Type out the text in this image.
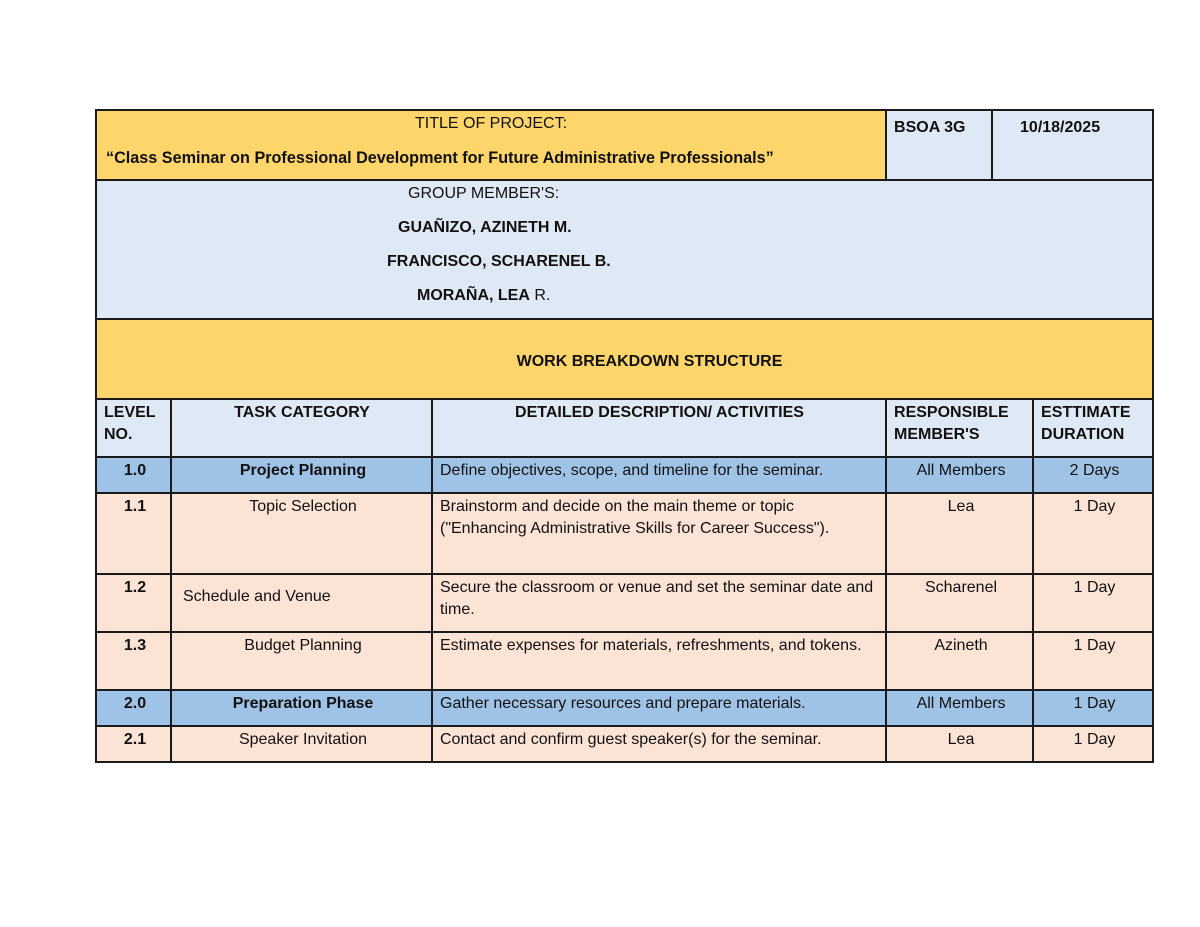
TITLE OF PROJECT:
“Class Seminar on Professional Development for Future Administrative Professionals”			BSOA 3G	10/18/2025	

GROUP MEMBER'S:
GUAÑIZO, AZINETH M.
FRANCISCO, SCHARENEL B.
MORAÑA, LEA R.					

WORK BREAKDOWN STRUCTURE					

LEVEL NO.	TASK CATEGORY	DETAILED DESCRIPTION/ ACTIVITIES	RESPONSIBLE MEMBER'S		ESTTIMATE DURATION

1.0	Project Planning	Define objectives, scope, and timeline for the seminar.	All Members		2 Days

1.1	Topic Selection	Brainstorm and decide on the main theme or topic ("Enhancing Administrative Skills for Career Success").	Lea		1 Day

1.2	Schedule and Venue	Secure the classroom or venue and set the seminar date and time.	Scharenel		1 Day

1.3	Budget Planning	Estimate expenses for materials, refreshments, and tokens.	Azineth		1 Day

2.0	Preparation Phase	Gather necessary resources and prepare materials.	All Members		1 Day

2.1	Speaker Invitation	Contact and confirm guest speaker(s) for the seminar.	Lea		1 Day
